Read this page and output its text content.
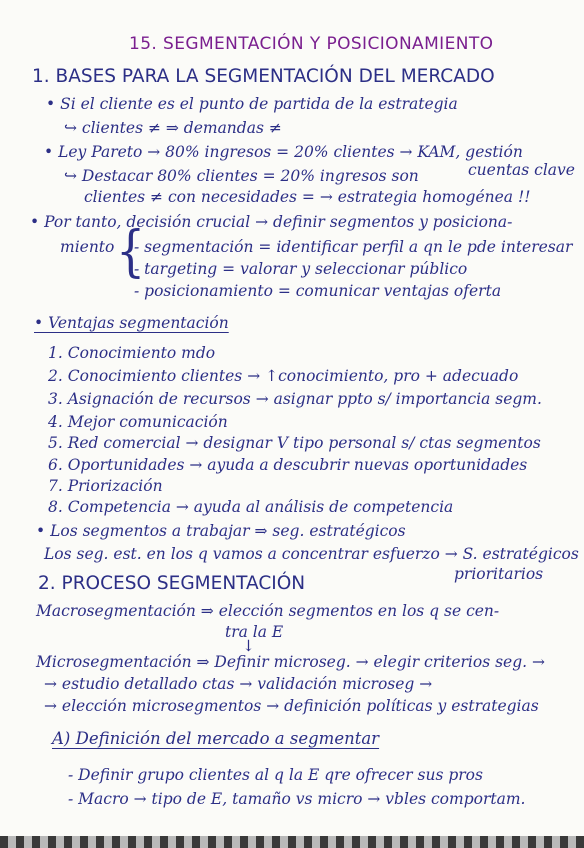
15. SEGMENTACIÓN Y POSICIONAMIENTO
1. BASES PARA LA SEGMENTACIÓN DEL MERCADO
• Si el cliente es el punto de partida de la estrategia
↪ clientes ≠ ⇒ demandas ≠
• Ley Pareto → 80% ingresos = 20% clientes → KAM, gestión
cuentas clave
↪ Destacar 80% clientes = 20% ingresos son
clientes ≠ con necesidades = → estrategia homogénea !!
• Por tanto, decisión crucial → definir segmentos y posiciona-
miento {
- segmentación = identificar perfil a qn le pde interesar
- targeting = valorar y seleccionar público
- posicionamiento = comunicar ventajas oferta
• Ventajas segmentación
1. Conocimiento mdo
2. Conocimiento clientes → ↑conocimiento, pro + adecuado
3. Asignación de recursos → asignar ppto s/ importancia segm.
4. Mejor comunicación
5. Red comercial → designar Ⅴ tipo personal s/ ctas segmentos
6. Oportunidades → ayuda a descubrir nuevas oportunidades
7. Priorización
8. Competencia → ayuda al análisis de competencia
• Los segmentos a trabajar ⇒ seg. estratégicos
Los seg. est. en los q vamos a concentrar esfuerzo → S. estratégicos
prioritarios
2. PROCESO SEGMENTACIÓN
Macrosegmentación ⇒ elección segmentos en los q se cen-
tra la E
↓
Microsegmentación ⇒ Definir microseg. → elegir criterios seg. →
→ estudio detallado ctas → validación microseg →
→ elección microsegmentos → definición políticas y estrategias
A) Definición del mercado a segmentar
- Definir grupo clientes al q la E qre ofrecer sus pros
- Macro → tipo de E, tamaño vs micro → vbles comportam.
